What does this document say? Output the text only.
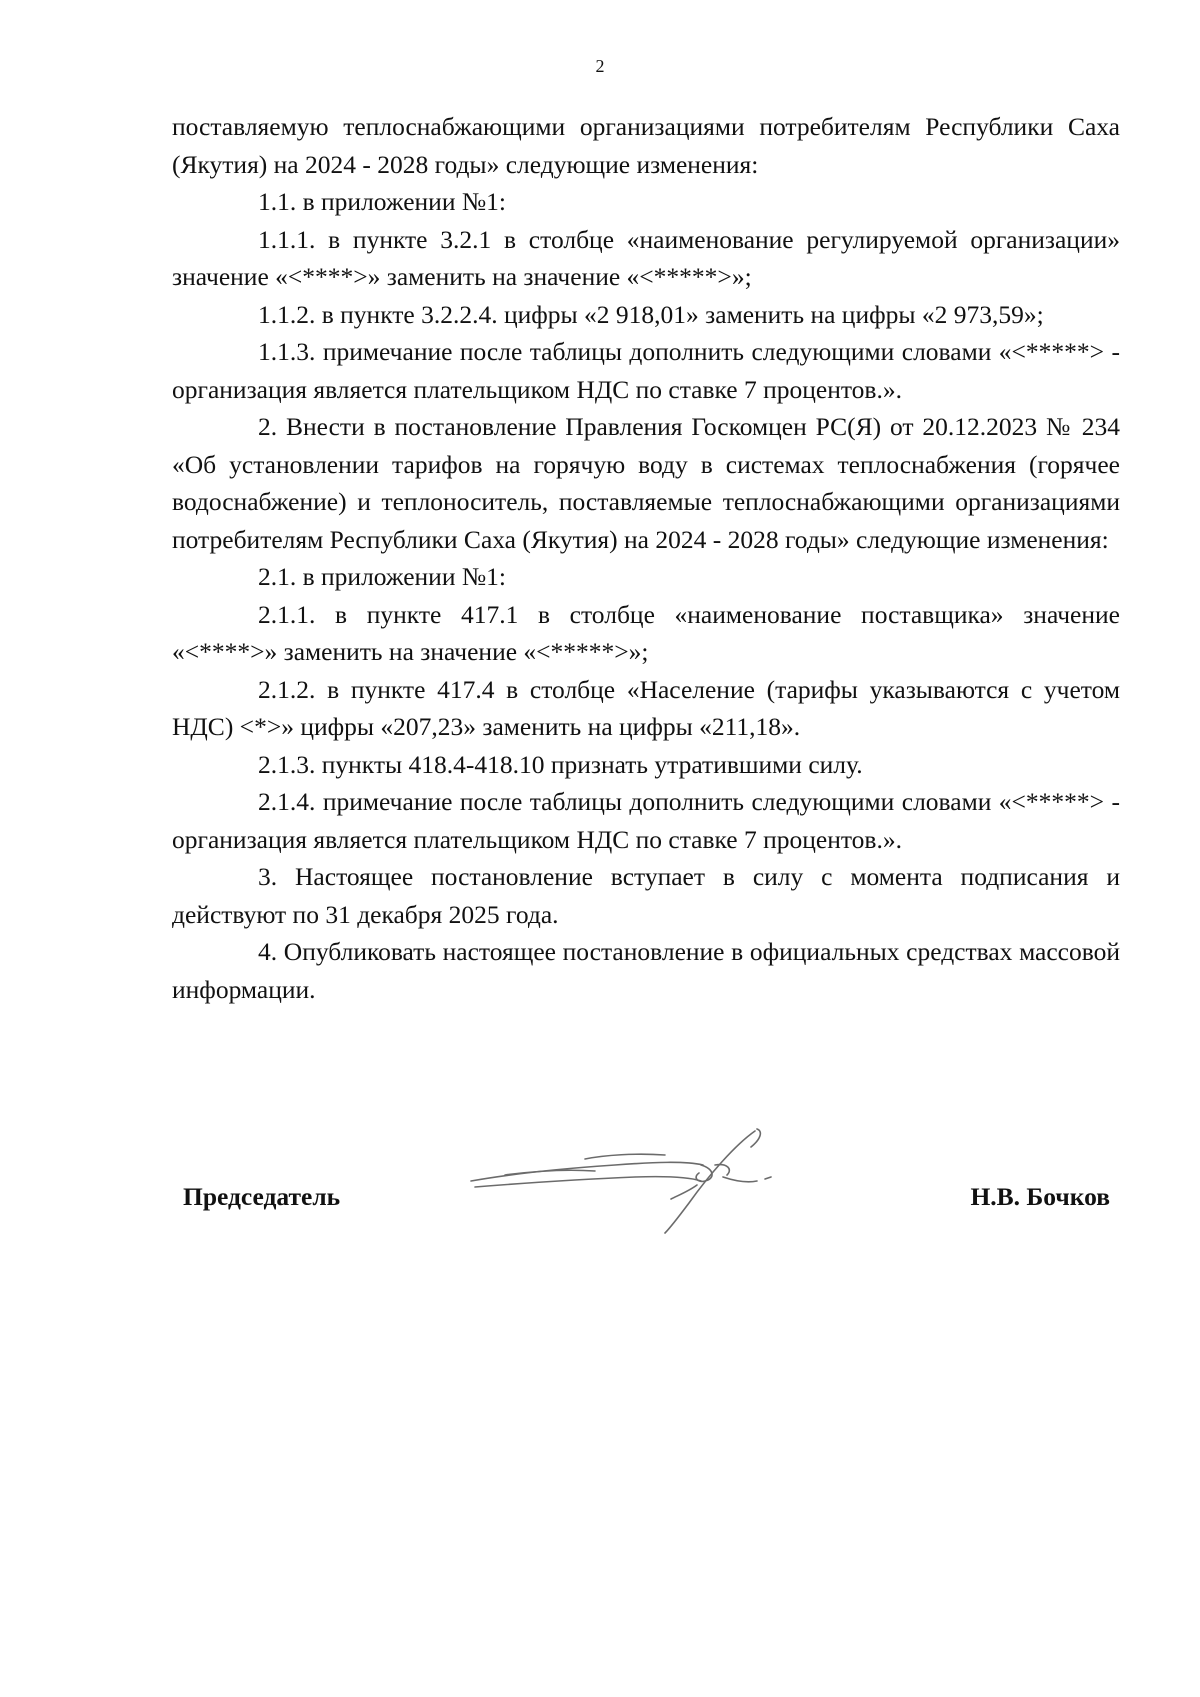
2

поставляемую теплоснабжающими организациями потребителям Республики Саха (Якутия) на 2024 - 2028 годы» следующие изменения:

1.1. в приложении №1:

1.1.1. в пункте 3.2.1 в столбце «наименование регулируемой организации» значение «<****>» заменить на значение «<*****>»;

1.1.2. в пункте 3.2.2.4. цифры «2 918,01» заменить на цифры «2 973,59»;

1.1.3. примечание после таблицы дополнить следующими словами «<*****> - организация является плательщиком НДС по ставке 7 процентов.».

2. Внести в постановление Правления Госкомцен РС(Я) от 20.12.2023 № 234 «Об установлении тарифов на горячую воду в системах теплоснабжения (горячее водоснабжение) и теплоноситель, поставляемые теплоснабжающими организациями потребителям Республики Саха (Якутия) на 2024 - 2028 годы» следующие изменения:

2.1. в приложении №1:

2.1.1. в пункте 417.1 в столбце «наименование поставщика» значение «<****>» заменить на значение «<*****>»;

2.1.2. в пункте 417.4 в столбце «Население (тарифы указываются с учетом НДС) <*>» цифры «207,23» заменить на цифры «211,18».

2.1.3. пункты 418.4-418.10 признать утратившими силу.

2.1.4. примечание после таблицы дополнить следующими словами «<*****> - организация является плательщиком НДС по ставке 7 процентов.».

3. Настоящее постановление вступает в силу с момента подписания и действуют по 31 декабря 2025 года.

4. Опубликовать настоящее постановление в официальных средствах массовой информации.

Председатель	Н.В. Бочков
